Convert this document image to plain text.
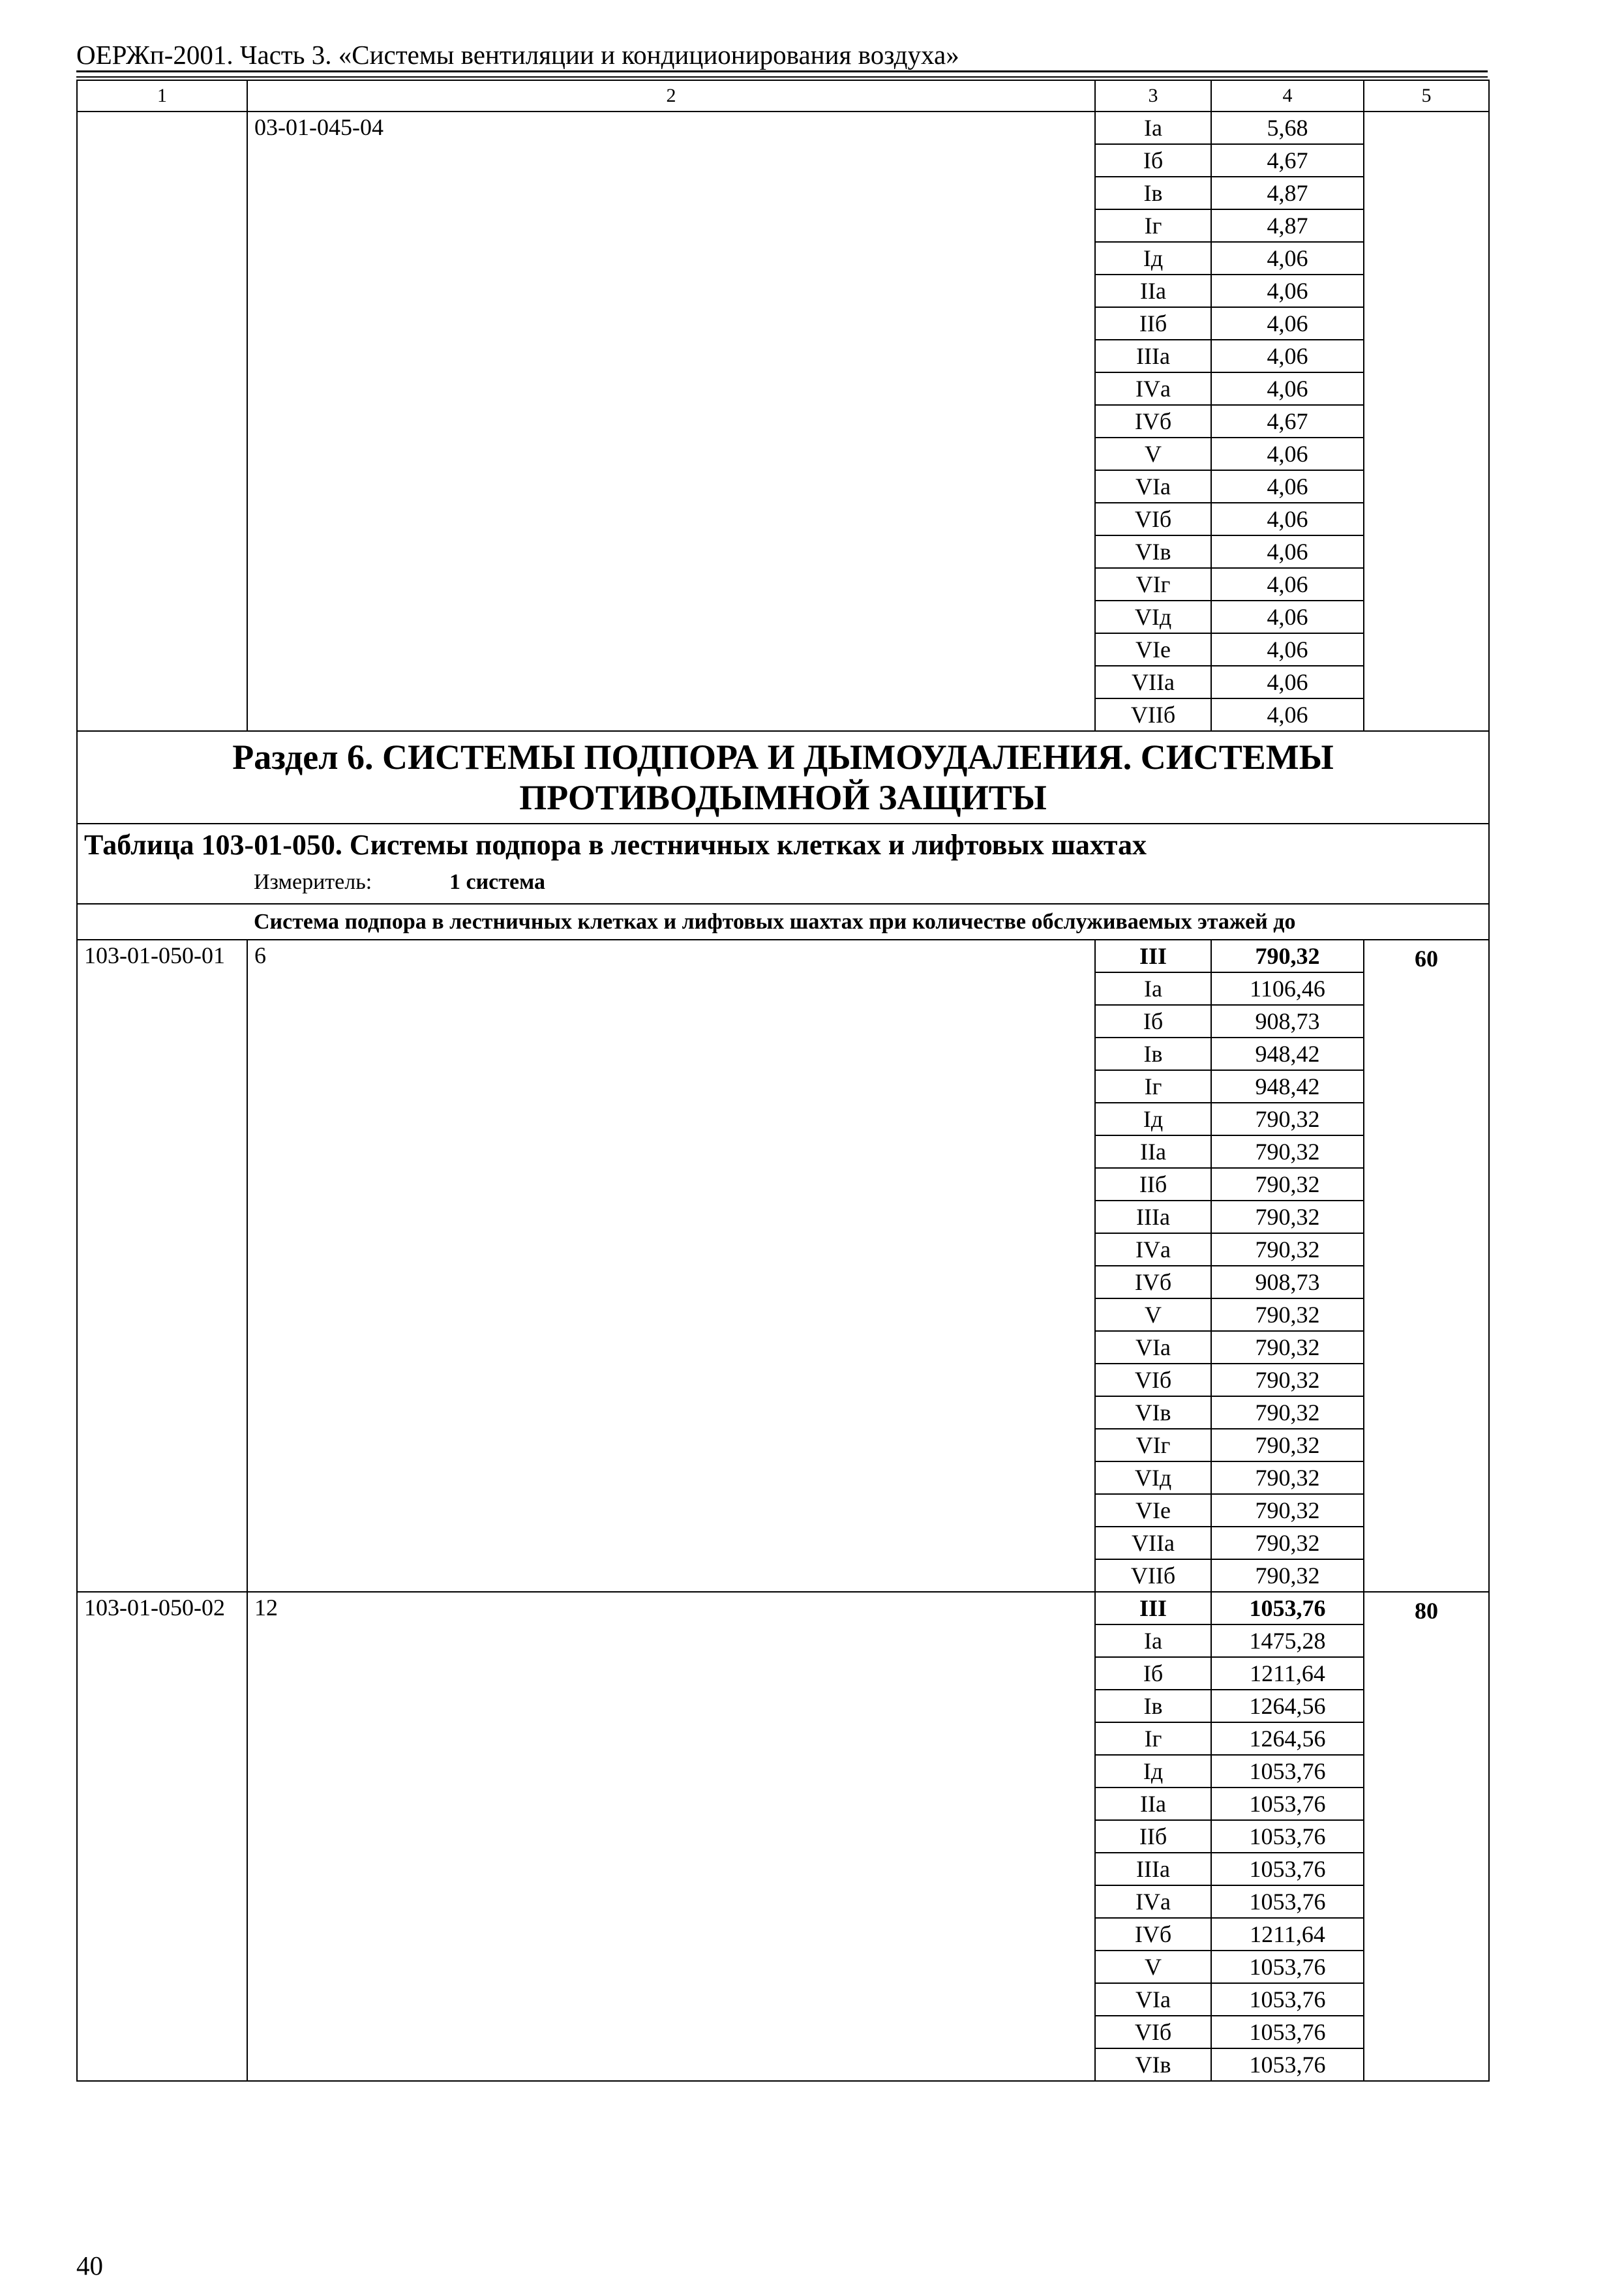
ОЕРЖп-2001. Часть 3. «Системы вентиляции и кондиционирования воздуха»
1	2	3	4	5
	03-01-045-04	Iа	5,68	
		Iб	4,67	
		Iв	4,87	
		Iг	4,87	
		Iд	4,06	
		IIа	4,06	
		IIб	4,06	
		IIIа	4,06	
		IVа	4,06	
		IVб	4,67	
		V	4,06	
		VIа	4,06	
		VIб	4,06	
		VIв	4,06	
		VIг	4,06	
		VIд	4,06	
		VIе	4,06	
		VIIа	4,06	
		VIIб	4,06	
Раздел 6. СИСТЕМЫ ПОДПОРА И ДЫМОУДАЛЕНИЯ. СИСТЕМЫ ПРОТИВОДЫМНОЙ ЗАЩИТЫ				

Таблица 103-01-050. Системы подпора в лестничных клетках и лифтовых шахтах
Измеритель: 1 система				

Система подпора в лестничных клетках и лифтовых шахтах при количестве обслуживаемых этажей до				
103-01-050-01	6	III	790,32	60
		Iа	1106,46	
		Iб	908,73	
		Iв	948,42	
		Iг	948,42	
		Iд	790,32	
		IIа	790,32	
		IIб	790,32	
		IIIа	790,32	
		IVа	790,32	
		IVб	908,73	
		V	790,32	
		VIа	790,32	
		VIб	790,32	
		VIв	790,32	
		VIг	790,32	
		VIд	790,32	
		VIе	790,32	
		VIIа	790,32	
		VIIб	790,32	
103-01-050-02	12	III	1053,76	80
		Iа	1475,28	
		Iб	1211,64	
		Iв	1264,56	
		Iг	1264,56	
		Iд	1053,76	
		IIа	1053,76	
		IIб	1053,76	
		IIIа	1053,76	
		IVа	1053,76	
		IVб	1211,64	
		V	1053,76	
		VIа	1053,76	
		VIб	1053,76	
		VIв	1053,76	
40
